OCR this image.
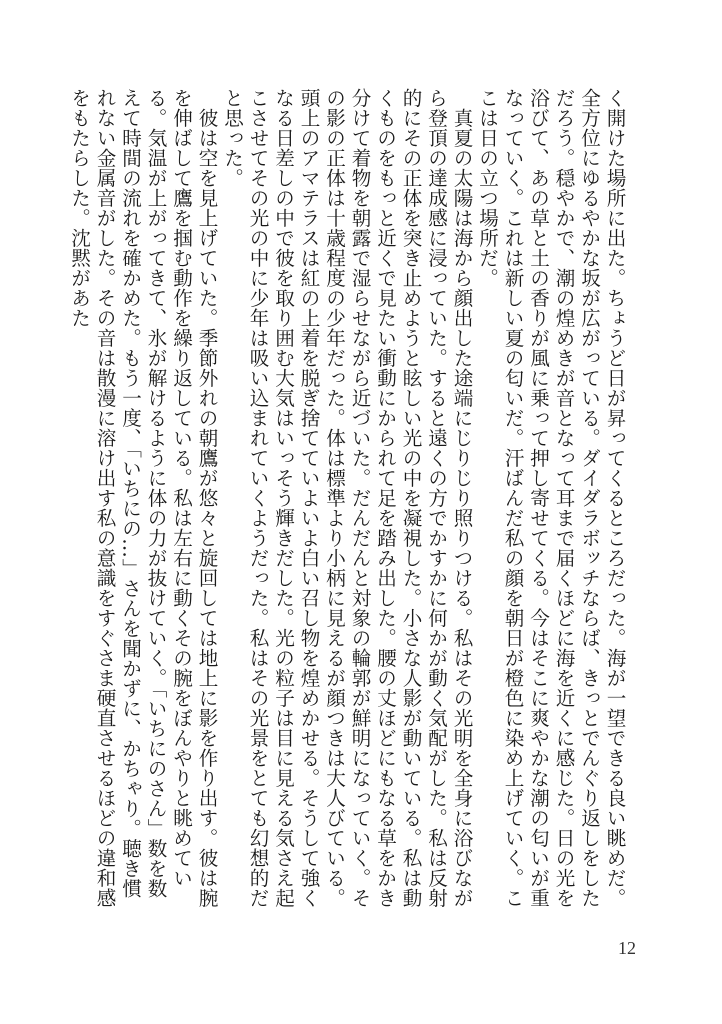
く開けた場所に出た。ちょうど日が昇ってくるところだった。海が一望できる良い眺めだ。全方位にゆるやかな坂が広がっている。ダイダラボッチならば、きっとでんぐり返しをしただろう。穏やかで、潮の煌めきが音となって耳まで届くほどに海を近くに感じた。日の光を浴びて、あの草と土の香りが風に乗って押し寄せてくる。今はそこに爽やかな潮の匂いが重なっていく。これは新しい夏の匂いだ。汗ばんだ私の顔を朝日が橙色に染め上げていく。ここは日の立つ場所だ。

真夏の太陽は海から顔出した途端にじりじり照りつける。私はその光明を全身に浴びながら登頂の達成感に浸っていた。すると遠くの方でかすかに何かが動く気配がした。私は反射的にその正体を突き止めようと眩しい光の中を凝視した。小さな人影が動いている。私は動くものをもっと近くで見たい衝動にかられて足を踏み出した。腰の丈ほどにもなる草をかき分けて着物を朝露で湿らせながら近づいた。だんだんと対象の輪郭が鮮明になっていく。その影の正体は十歳程度の少年だった。体は標準より小柄に見えるが顔つきは大人びている。頭上のアマテラスは紅の上着を脱ぎ捨てていよいよ白い召し物を煌めかせる。そうして強くなる日差しの中で彼を取り囲む大気はいっそう輝きだした。光の粒子は目に見える気さえ起こさせてその光の中に少年は吸い込まれていくようだった。私はその光景をとても幻想的だと思った。

彼は空を見上げていた。季節外れの朝鷹が悠々と旋回しては地上に影を作り出す。彼は腕を伸ばして鷹を掴む動作を繰り返している。私は左右に動くその腕をぼんやりと眺めている。気温が上がってきて、氷が解けるように体の力が抜けていく。「いちにのさん」数を数えて時間の流れを確かめた。もう一度、「いちにの…」さんを聞かずに、かちゃり。聴き慣れない金属音がした。その音は散漫に溶け出す私の意識をすぐさま硬直させるほどの違和感をもたらした。沈黙があた

12
